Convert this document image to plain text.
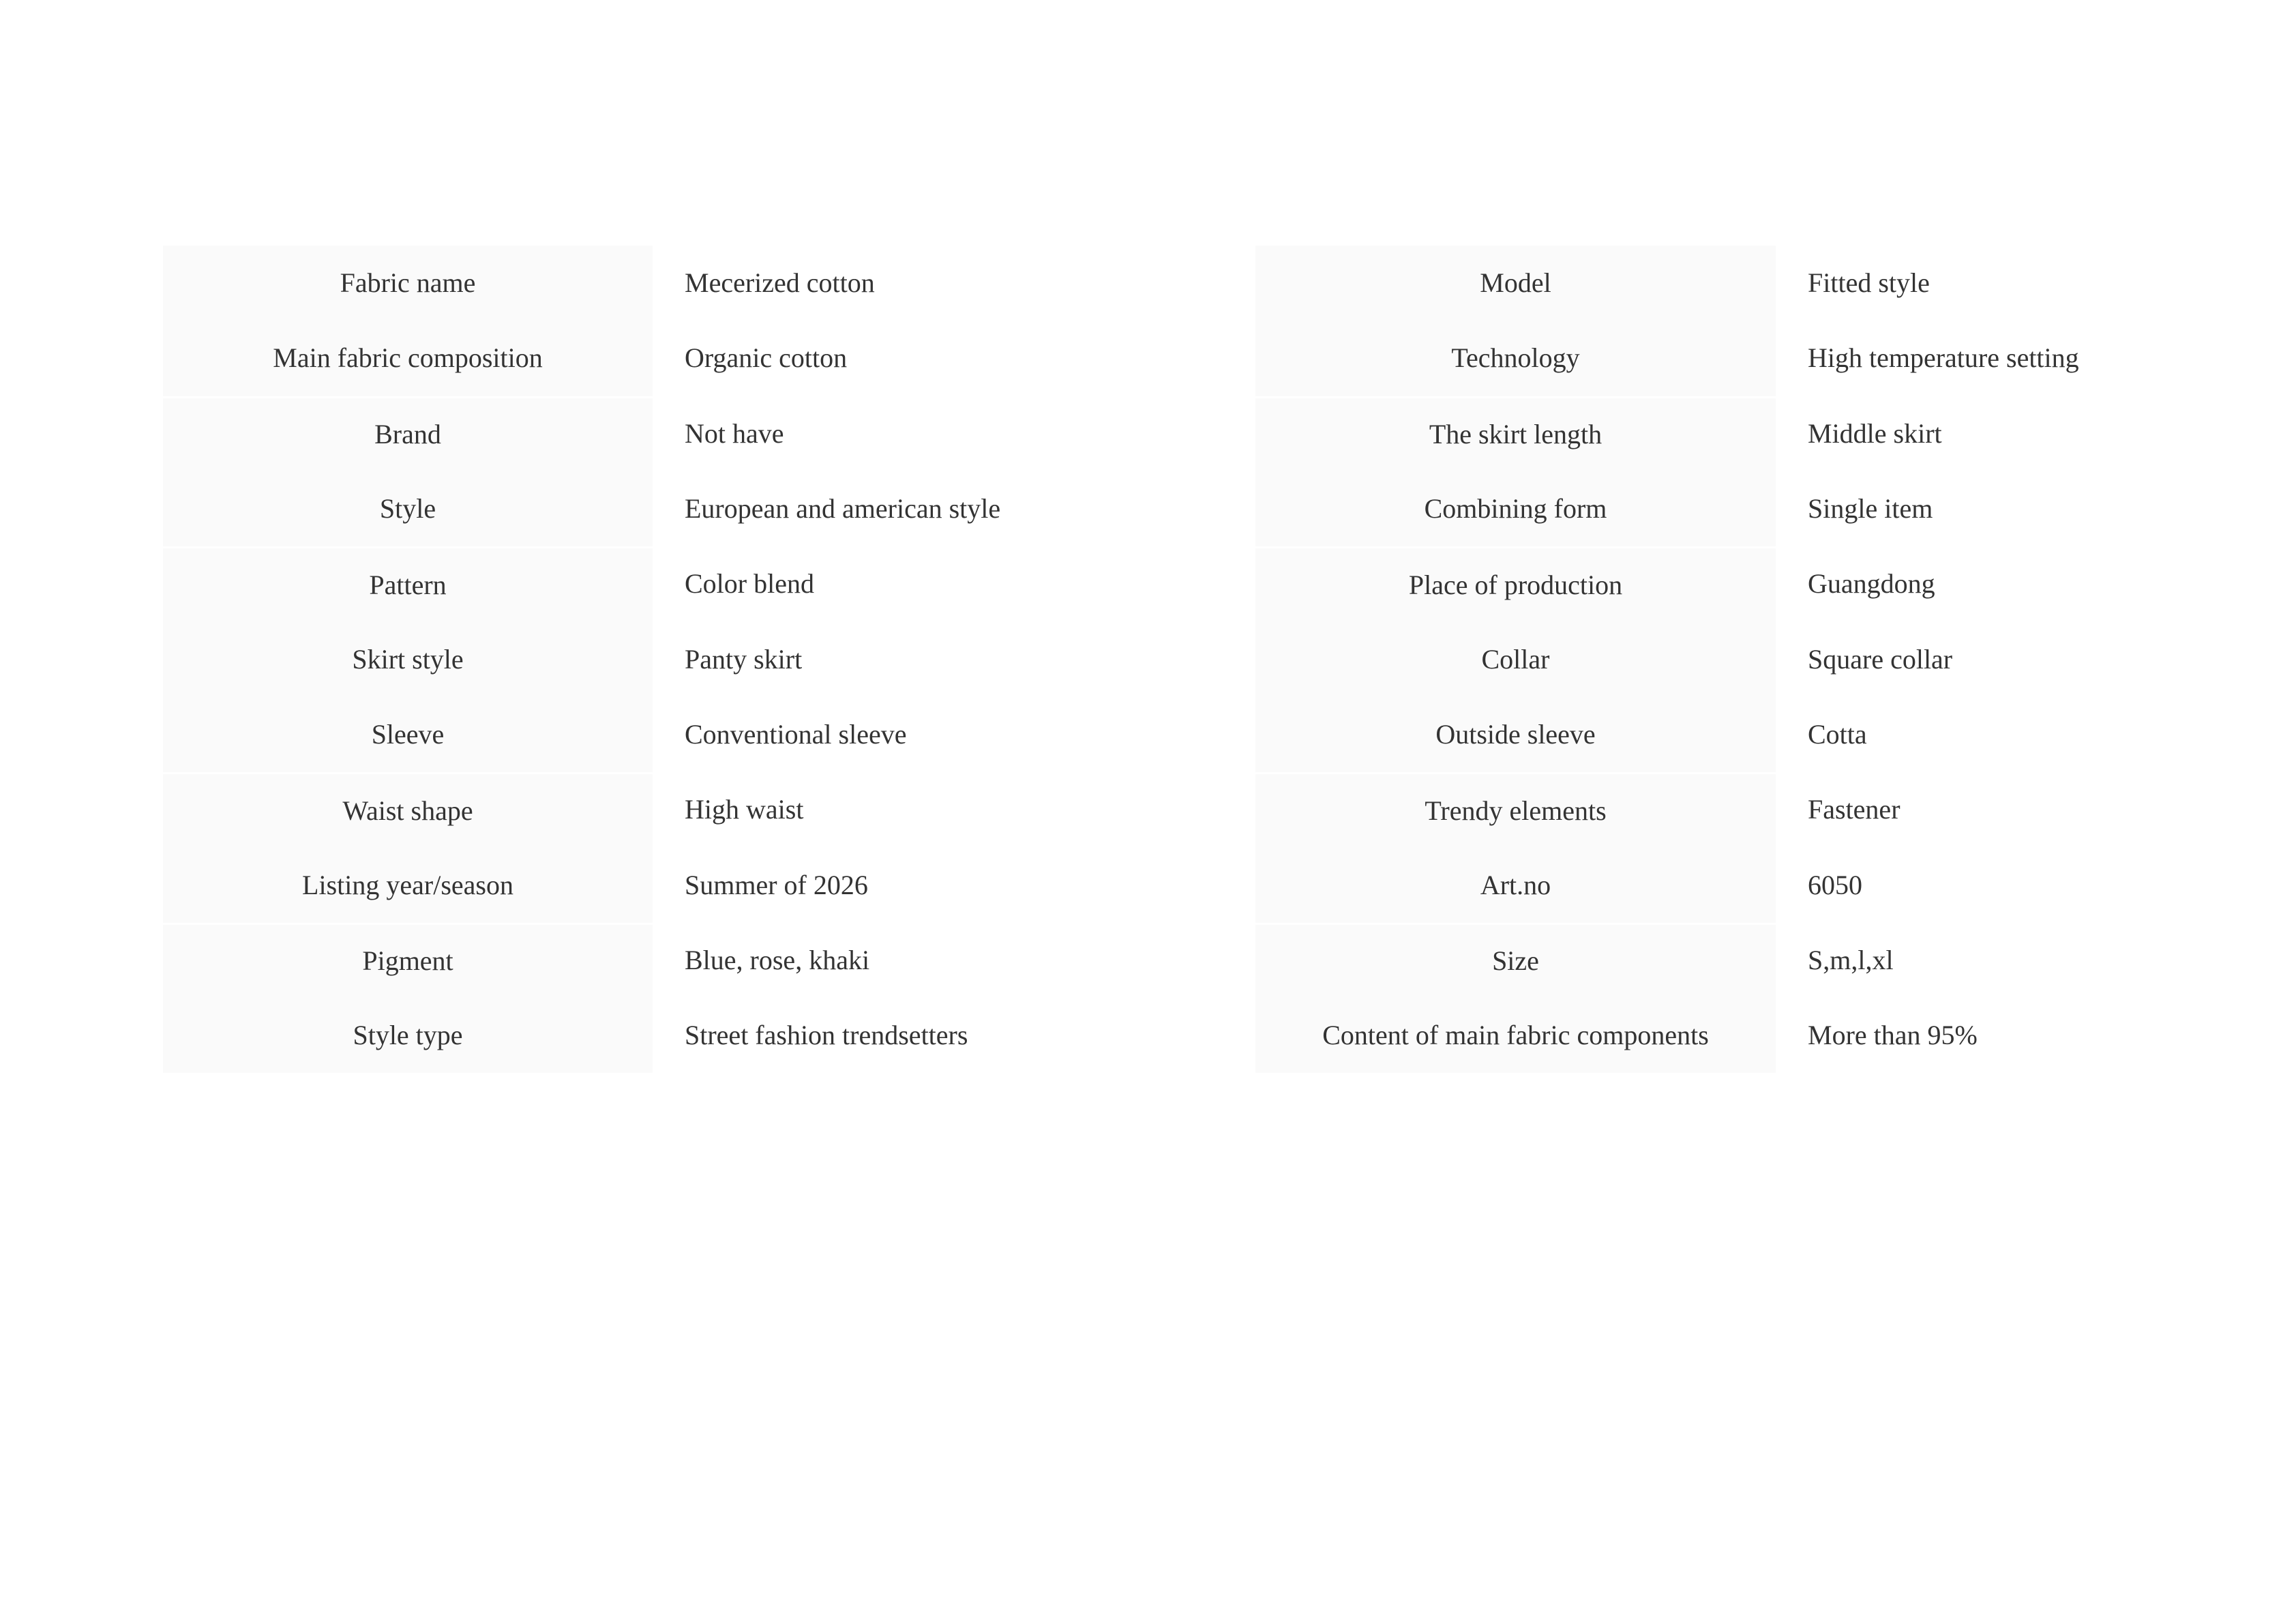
Fabric name	Mecerized cotton
Main fabric composition	Organic cotton
Brand	Not have
Style	European and american style
Pattern	Color blend
Skirt style	Panty skirt
Sleeve	Conventional sleeve
Waist shape	High waist
Listing year/season	Summer of 2026
Pigment	Blue, rose, khaki
Style type	Street fashion trendsetters
Model	Fitted style
Technology	High temperature setting
The skirt length	Middle skirt
Combining form	Single item
Place of production	Guangdong
Collar	Square collar
Outside sleeve	Cotta
Trendy elements	Fastener
Art.no	6050
Size	S,m,l,xl
Content of main fabric components	More than 95%
